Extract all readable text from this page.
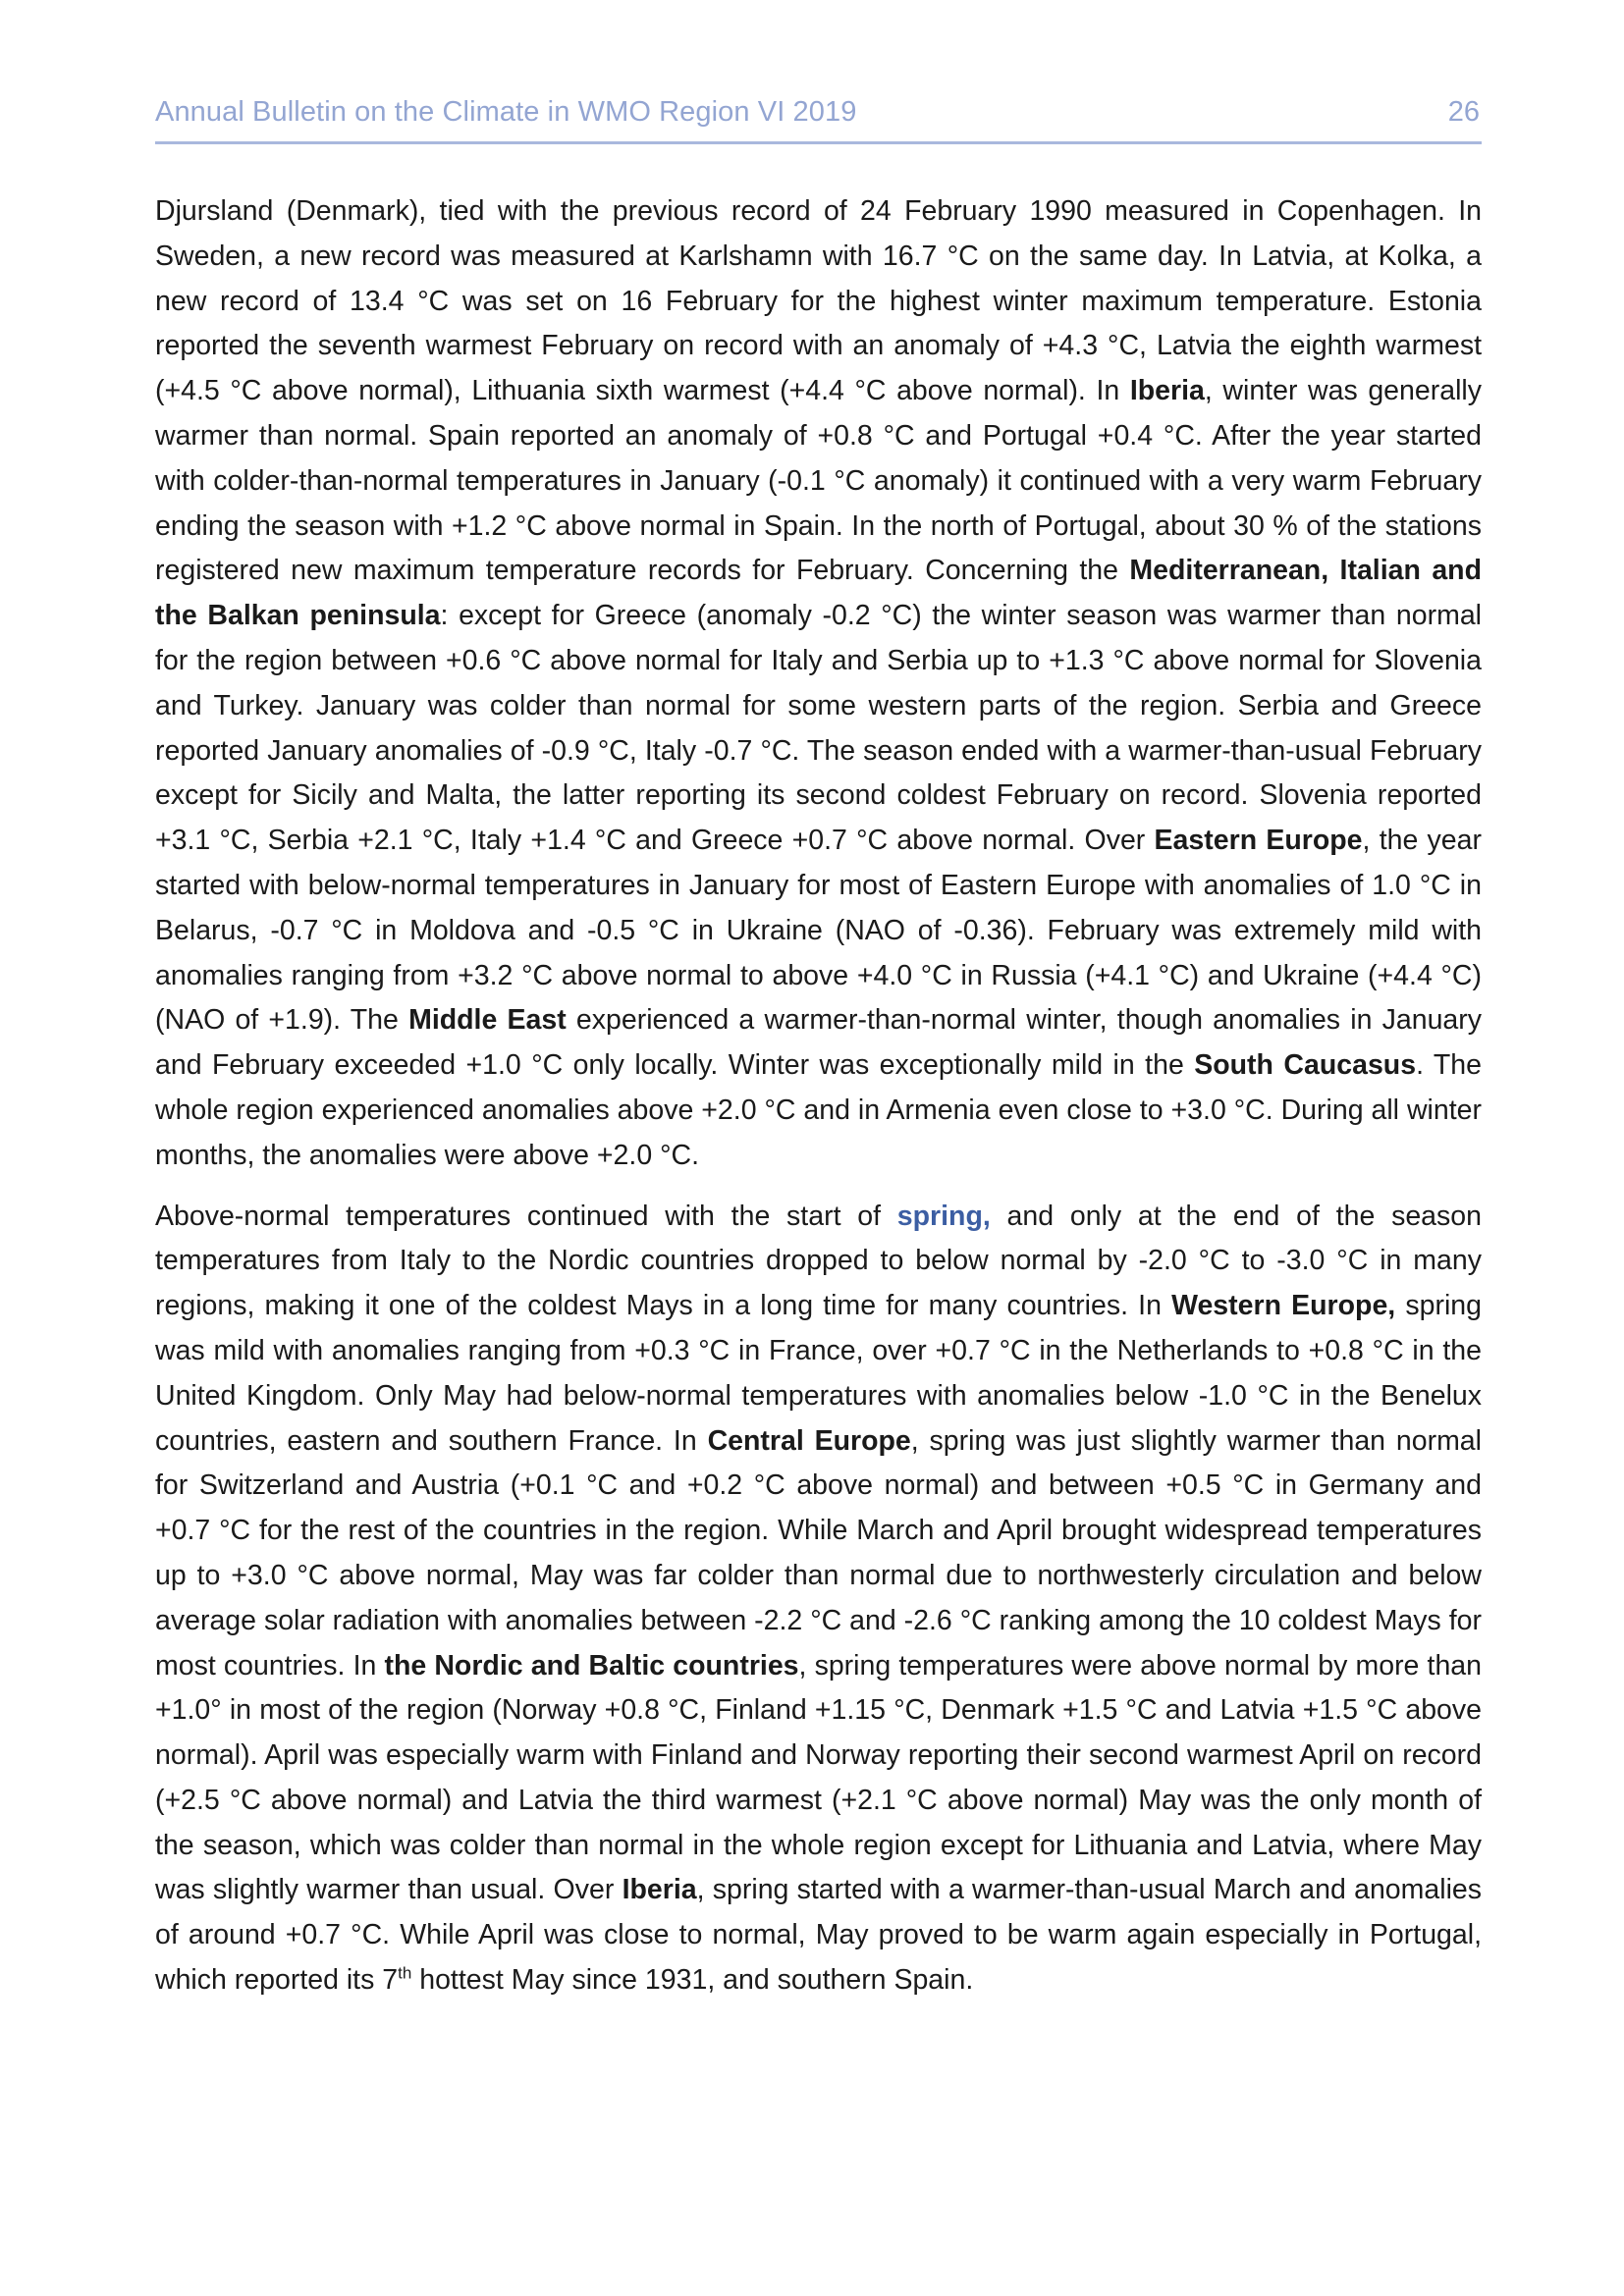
Annual Bulletin on the Climate in WMO Region VI 2019	26

Djursland (Denmark), tied with the previous record of 24 February 1990 measured in Copenhagen. In Sweden, a new record was measured at Karlshamn with 16.7 °C on the same day. In Latvia, at Kolka, a new record of 13.4 °C was set on 16 February for the highest winter maximum temperature. Estonia reported the seventh warmest February on record with an anomaly of +4.3 °C, Latvia the eighth warmest (+4.5 °C above normal), Lithuania sixth warmest (+4.4 °C above normal). In Iberia, winter was generally warmer than normal. Spain reported an anomaly of +0.8 °C and Portugal +0.4 °C. After the year started with colder-than-normal temperatures in January (-0.1 °C anomaly) it continued with a very warm February ending the season with +1.2 °C above normal in Spain. In the north of Portugal, about 30 % of the stations registered new maximum temperature records for February. Concerning the Mediterranean, Italian and the Balkan peninsula: except for Greece (anomaly -0.2 °C) the winter season was warmer than normal for the region between +0.6 °C above normal for Italy and Serbia up to +1.3 °C above normal for Slovenia and Turkey. January was colder than normal for some western parts of the region. Serbia and Greece reported January anomalies of -0.9 °C, Italy -0.7 °C. The season ended with a warmer-than-usual February except for Sicily and Malta, the latter reporting its second coldest February on record. Slovenia reported +3.1 °C, Serbia +2.1 °C, Italy +1.4 °C and Greece +0.7 °C above normal. Over Eastern Europe, the year started with below-normal temperatures in January for most of Eastern Europe with anomalies of 1.0 °C in Belarus, -0.7 °C in Moldova and -0.5 °C in Ukraine (NAO of -0.36). February was extremely mild with anomalies ranging from +3.2 °C above normal to above +4.0 °C in Russia (+4.1 °C) and Ukraine (+4.4 °C) (NAO of +1.9). The Middle East experienced a warmer-than-normal winter, though anomalies in January and February exceeded +1.0 °C only locally. Winter was exceptionally mild in the South Caucasus. The whole region experienced anomalies above +2.0 °C and in Armenia even close to +3.0 °C. During all winter months, the anomalies were above +2.0 °C.

Above-normal temperatures continued with the start of spring, and only at the end of the season temperatures from Italy to the Nordic countries dropped to below normal by -2.0 °C to -3.0 °C in many regions, making it one of the coldest Mays in a long time for many countries. In Western Europe, spring was mild with anomalies ranging from +0.3 °C in France, over +0.7 °C in the Netherlands to +0.8 °C in the United Kingdom. Only May had below-normal temperatures with anomalies below -1.0 °C in the Benelux countries, eastern and southern France. In Central Europe, spring was just slightly warmer than normal for Switzerland and Austria (+0.1 °C and +0.2 °C above normal) and between +0.5 °C in Germany and +0.7 °C for the rest of the countries in the region. While March and April brought widespread temperatures up to +3.0 °C above normal, May was far colder than normal due to northwesterly circulation and below average solar radiation with anomalies between -2.2 °C and -2.6 °C ranking among the 10 coldest Mays for most countries. In the Nordic and Baltic countries, spring temperatures were above normal by more than +1.0° in most of the region (Norway +0.8 °C, Finland +1.15 °C, Denmark +1.5 °C and Latvia +1.5 °C above normal). April was especially warm with Finland and Norway reporting their second warmest April on record (+2.5 °C above normal) and Latvia the third warmest (+2.1 °C above normal) May was the only month of the season, which was colder than normal in the whole region except for Lithuania and Latvia, where May was slightly warmer than usual. Over Iberia, spring started with a warmer-than-usual March and anomalies of around +0.7 °C. While April was close to normal, May proved to be warm again especially in Portugal, which reported its 7th hottest May since 1931, and southern Spain.
